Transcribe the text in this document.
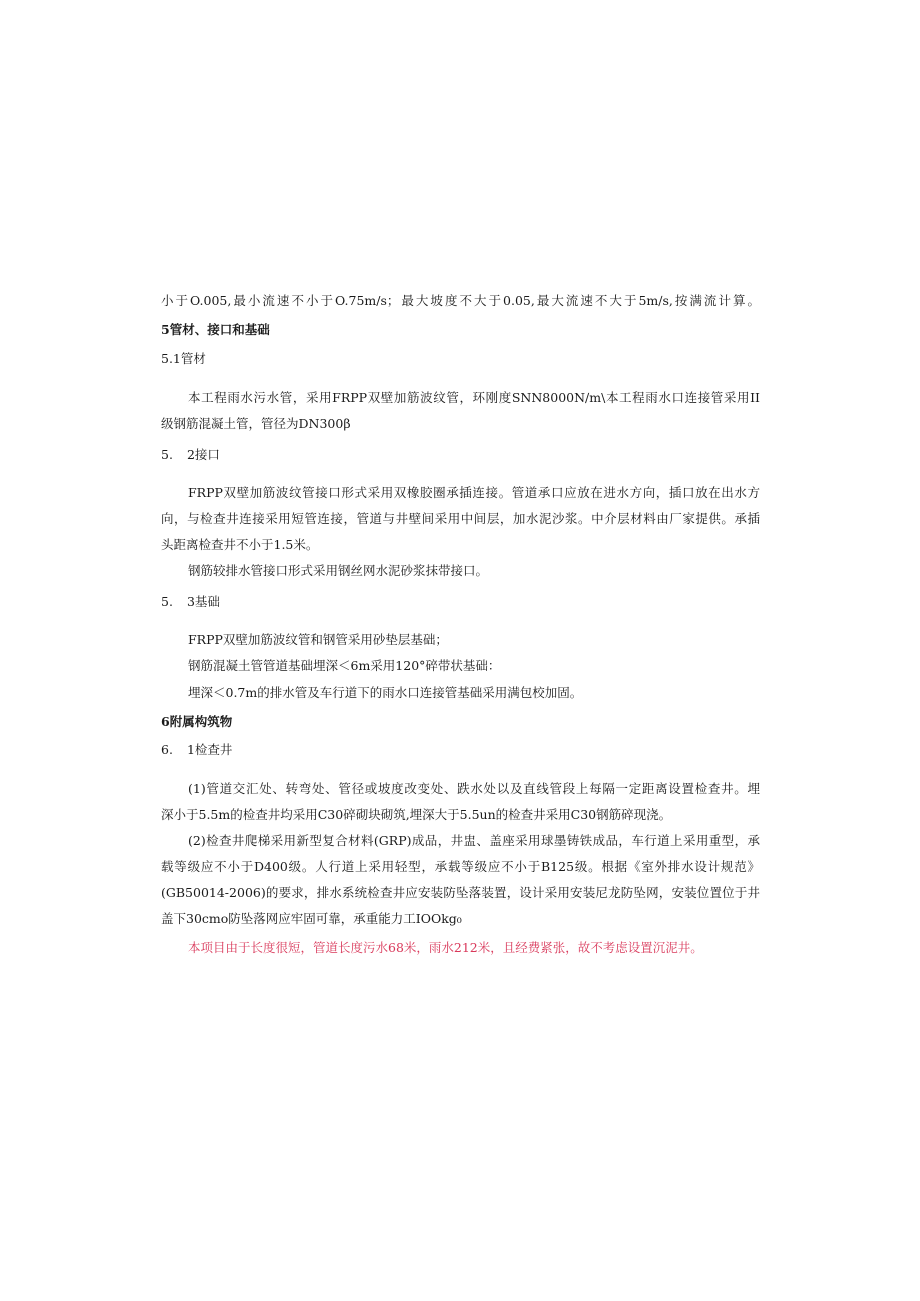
小于O.005,最小流速不小于O.75m/s；最大坡度不大于0.05,最大流速不大于5m∕s,按满流计算。
5管材、接口和基础
5.1管材
本工程雨水污水管，采用FRPP双壁加筋波纹管，环刚度SNN8000N∕m\本工程雨水口连接管采用II
级钢筋混凝土管，管径为DN300β
5. 2接口
FRPP双壁加筋波纹管接口形式采用双橡胶圈承插连接。管道承口应放在进水方向，插口放在出水方
向，与检查井连接采用短管连接，管道与井壁间采用中间层，加水泥沙浆。中介层材料由厂家提供。承插
头距离检查井不小于1.5米。
钢筋较排水管接口形式采用钢丝网水泥砂浆抹带接口。
5. 3基础
FRPP双壁加筋波纹管和钢管采用砂垫层基础；
钢筋混凝土管管道基础埋深＜6m采用120°碎带状基础：
埋深＜0.7m的排水管及车行道下的雨水口连接管基础采用满包校加固。
6附属构筑物
6. 1检查井
(1)管道交汇处、转弯处、管径或坡度改变处、跌水处以及直线管段上每隔一定距离设置检查井。埋
深小于5.5m的检查井均采用C30碎砌块砌筑,埋深大于5.5un的检查井采用C30钢筋碎现浇。
(2)检查井爬梯采用新型复合材料(GRP)成品，井盅、盖座采用球墨铸铁成品，车行道上采用重型，承
载等级应不小于D400级。人行道上采用轻型，承载等级应不小于B125级。根据《室外排水设计规范》
(GB50014-2006)的要求，排水系统检查井应安装防坠落装置，设计采用安装尼龙防坠网，安装位置位于井
盖下30cmo防坠落网应牢固可靠，承重能力工IOOkg₀
本项目由于长度很短，管道长度污水68米，雨水212米，且经费紧张，故不考虑设置沉泥井。
